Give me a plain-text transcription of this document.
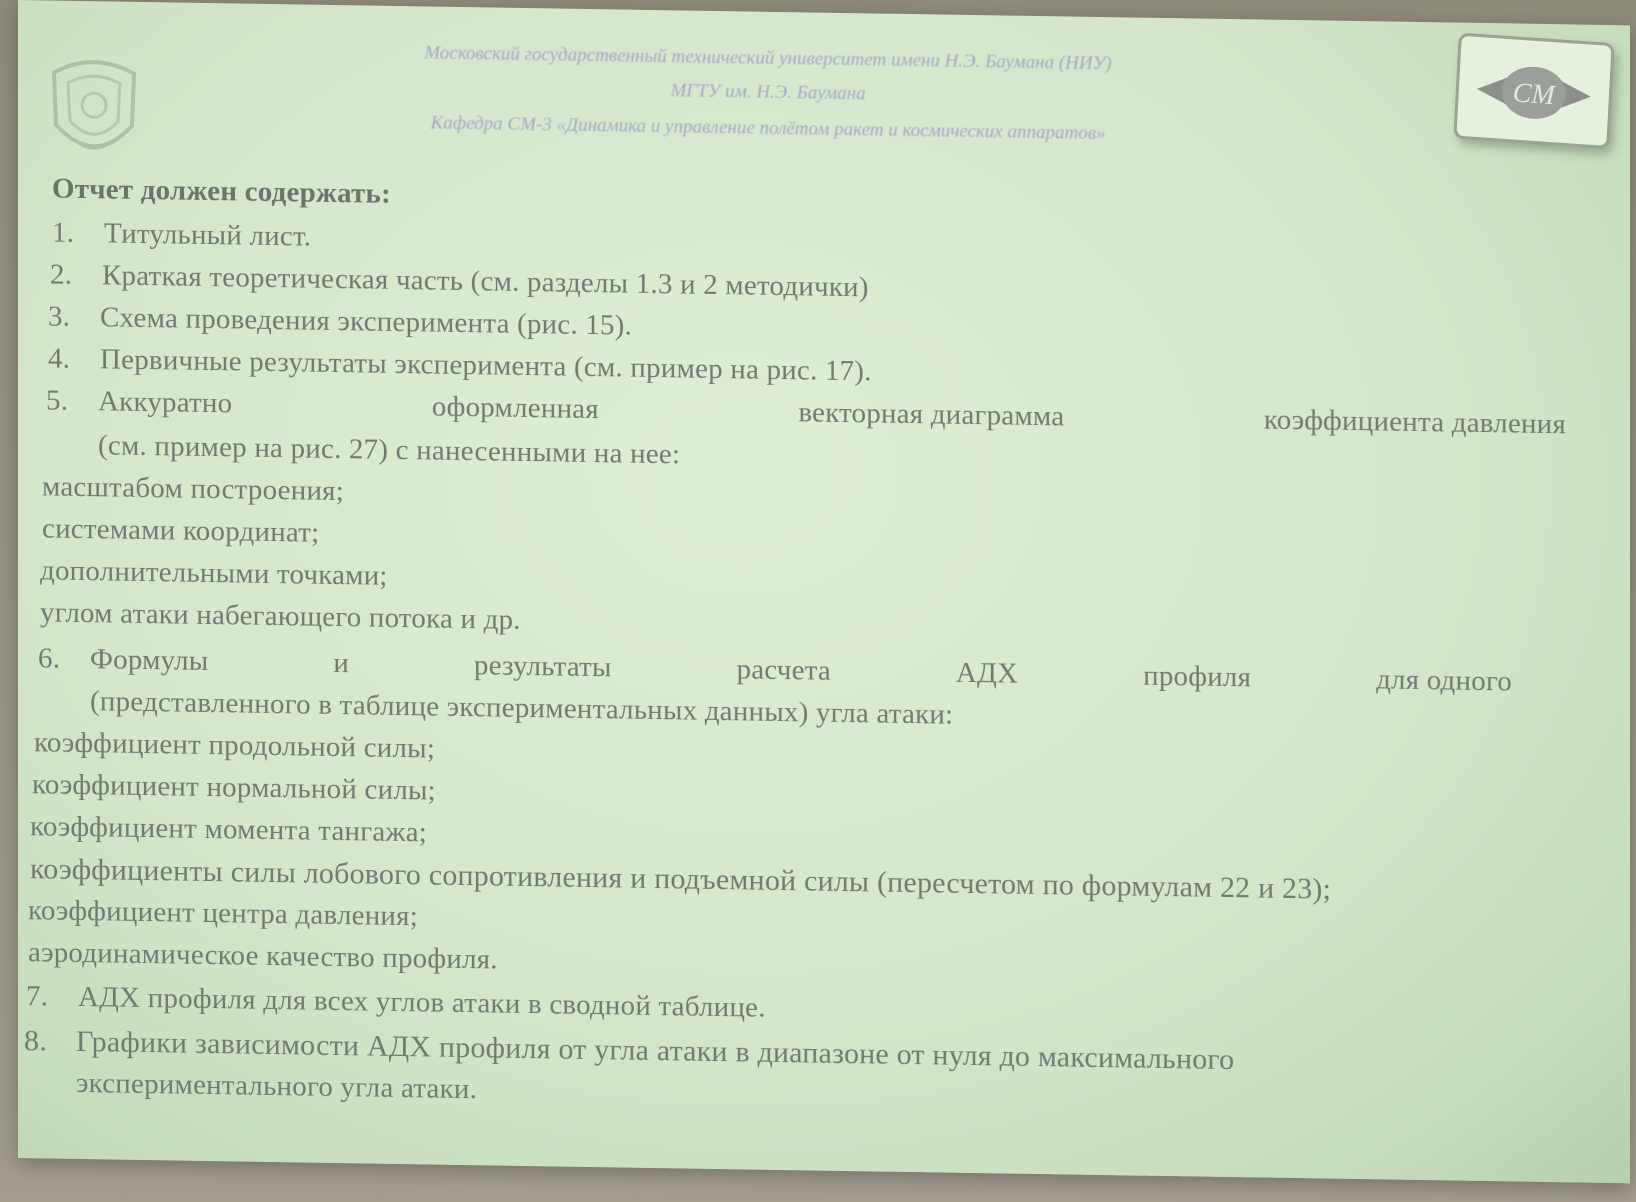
Московский государственный технический университет имени Н.Э. Баумана (НИУ)
МГТУ им. Н.Э. Баумана
Кафедра СМ-3 «Динамика и управление полётом ракет и космических аппаратов»
СМ
Отчет должен содержать:
1. Титульный лист.
2. Краткая теоретическая часть (см. разделы 1.3 и 2 методички)
3. Схема проведения эксперимента (рис. 15).
4. Первичные результаты эксперимента (см. пример на рис. 17).
5. Аккуратно	оформленная	векторная диаграмма	коэффициента давления
(см. пример на рис. 27) с нанесенными на нее:
масштабом построения;
системами координат;
дополнительными точками;
углом атаки набегающего потока и др.
6. Формулы	и	результаты	расчета	АДХ	профиля	для одного
(представленного в таблице экспериментальных данных) угла атаки:
коэффициент продольной силы;
коэффициент нормальной силы;
коэффициент момента тангажа;
коэффициенты силы лобового сопротивления и подъемной силы (пересчетом по формулам 22 и 23);
коэффициент центра давления;
аэродинамическое качество профиля.
7. АДХ профиля для всех углов атаки в сводной таблице.
8. Графики зависимости АДХ профиля от угла атаки в диапазоне от нуля до максимального
экспериментального угла атаки.
